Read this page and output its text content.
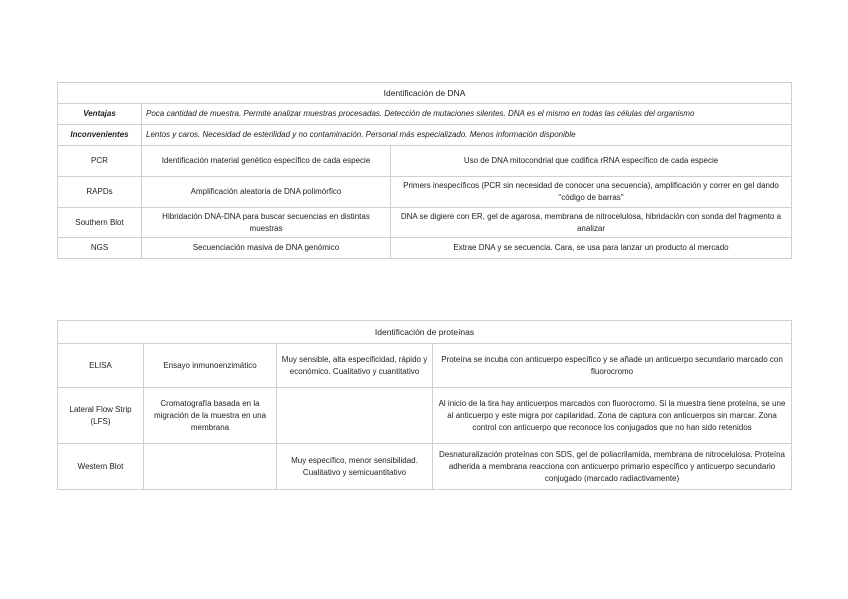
Identificación de DNA		
Ventajas	Poca cantidad de muestra. Permite analizar muestras procesadas. Detección de mutaciones silentes. DNA es el mismo en todas las células del organismo	
Inconvenientes	Lentos y caros. Necesidad de esterilidad y no contaminación. Personal más especializado. Menos información disponible	
PCR	Identificación material genético específico de cada especie	Uso de DNA mitocondrial que codifica rRNA específico de cada especie
RAPDs	Amplificación aleatoria de DNA polimórfico	Primers inespecíficos (PCR sin necesidad de conocer una secuencia), amplificación y correr en gel dando "código de barras"
Southern Blot	Hibridación DNA-DNA para buscar secuencias en distintas muestras	DNA se digiere con ER, gel de agarosa, membrana de nitrocelulosa, hibridación con sonda del fragmento a analizar
NGS	Secuenciación masiva de DNA genómico	Extrae DNA y se secuencia. Cara, se usa para lanzar un producto al mercado
Identificación de proteínas			
ELISA	Ensayo inmunoenzimático	Muy sensible, alta especificidad, rápido y económico. Cualitativo y cuantitativo	Proteína se incuba con anticuerpo específico y se añade un anticuerpo secundario marcado con fluorocromo
Lateral Flow Strip (LFS)	Cromatografía basada en la migración de la muestra en una membrana		Al inicio de la tira hay anticuerpos marcados con fluorocromo. Si la muestra tiene proteína, se une al anticuerpo y este migra por capilaridad. Zona de captura con anticuerpos sin marcar. Zona control con anticuerpo que reconoce los conjugados que no han sido retenidos
Western Blot		Muy específico, menor sensibilidad. Cualitativo y semicuantitativo	Desnaturalización proteínas con SDS, gel de poliacrilamida, membrana de nitrocelulosa. Proteína adherida a membrana reacciona con anticuerpo primario específico y anticuerpo secundario conjugado (marcado radiactivamente)
